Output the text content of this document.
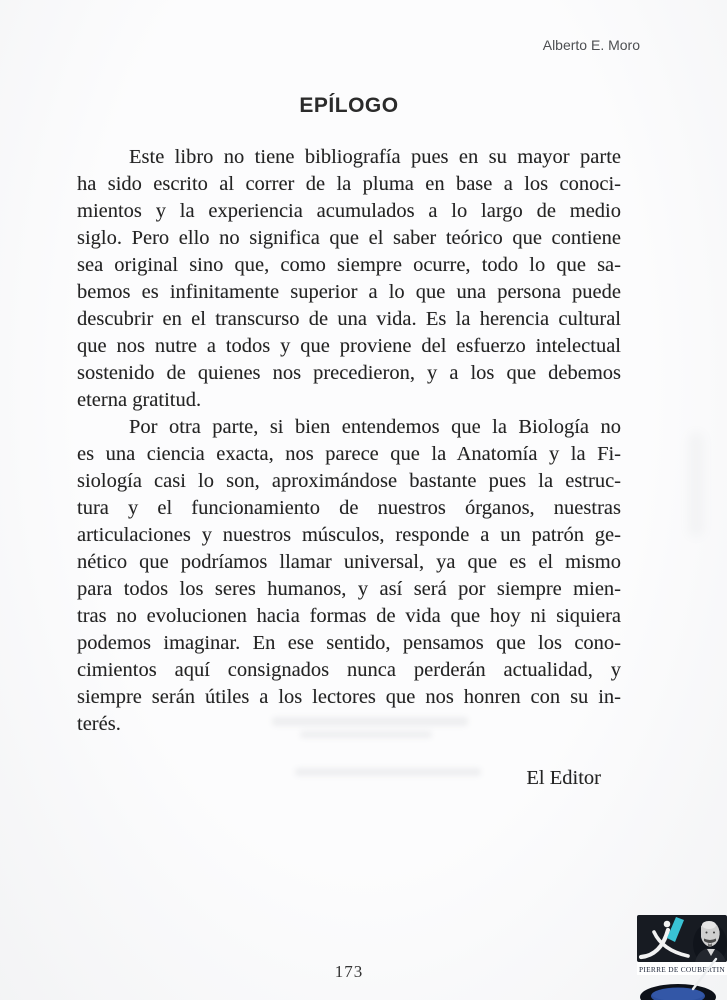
Alberto E. Moro
EPÍLOGO
Este libro no tiene bibliografía pues en su mayor parte
ha sido escrito al correr de la pluma en base a los conoci-
mientos y la experiencia acumulados a lo largo de medio
siglo. Pero ello no significa que el saber teórico que contiene
sea original sino que, como siempre ocurre, todo lo que sa-
bemos es infinitamente superior a lo que una persona puede
descubrir en el transcurso de una vida. Es la herencia cultural
que nos nutre a todos y que proviene del esfuerzo intelectual
sostenido de quienes nos precedieron, y a los que debemos
eterna gratitud.
Por otra parte, si bien entendemos que la Biología no
es una ciencia exacta, nos parece que la Anatomía y la Fi-
siología casi lo son, aproximándose bastante pues la estruc-
tura y el funcionamiento de nuestros órganos, nuestras
articulaciones y nuestros músculos, responde a un patrón ge-
nético que podríamos llamar universal, ya que es el mismo
para todos los seres humanos, y así será por siempre mien-
tras no evolucionen hacia formas de vida que hoy ni siquiera
podemos imaginar. En ese sentido, pensamos que los cono-
cimientos aquí consignados nunca perderán actualidad, y
siempre serán útiles a los lectores que nos honren con su in-
terés.
El Editor
173	PIERRE DE COUBERTIN
